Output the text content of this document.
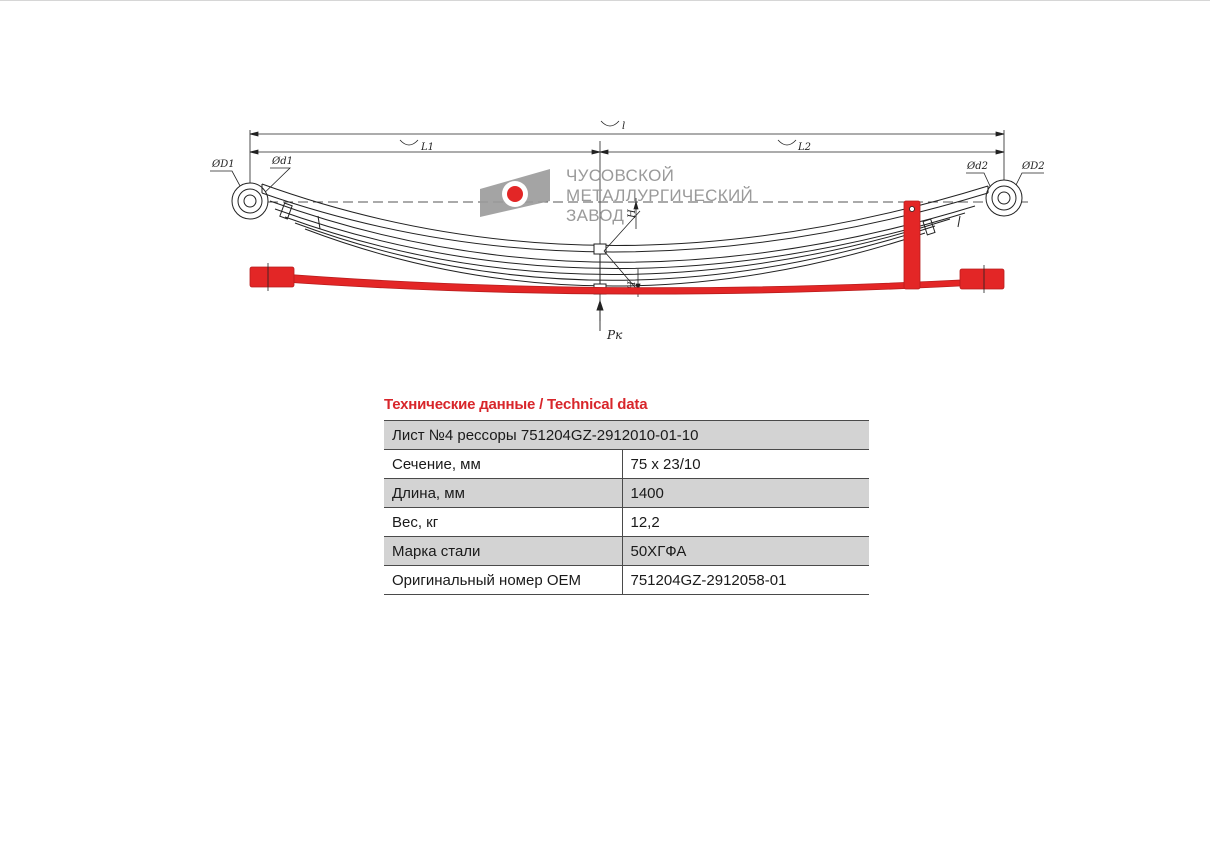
l
L1	L2
ØD1	Ød1	Ød2	ØD2
H
H
Pк
ЧУСОВСКОЙ
МЕТАЛЛУРГИЧЕСКИЙ
ЗАВОД
Технические данные / Technical data
Лист №4 рессоры 751204GZ-2912010-01-10	
Сечение, мм	75 x 23/10
Длина, мм	1400
Вес, кг	12,2
Марка стали	50ХГФА
Оригинальный номер OEM	751204GZ-2912058-01
